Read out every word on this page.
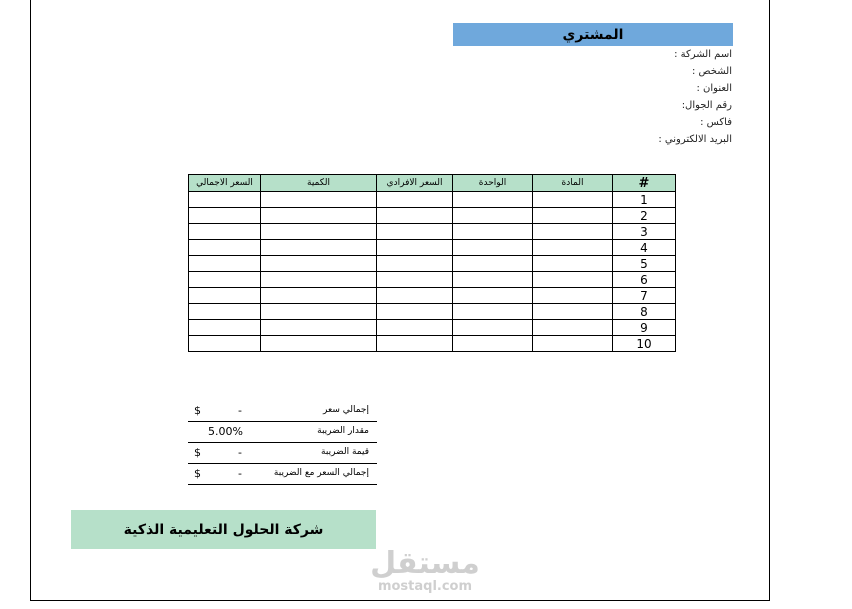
المشتري
اسم الشركة :
الشخص :
العنوان :
رقم الجوال:
فاكس :
البريد الالكتروني :
#	المادة	الواحدة	السعر الافرادي	الكمية	السعر الاجمالي
1					
2					
3					
4					
5					
6					
7					
8					
9					
10					
$	-	إجمالي سعر
5.00%	مقدار الضريبة
$	-	قيمة الضريبة
$	-	إجمالي السعر مع الضريبة
شركة الحلول التعليمية الذكية
مستقل
mostaql.com
